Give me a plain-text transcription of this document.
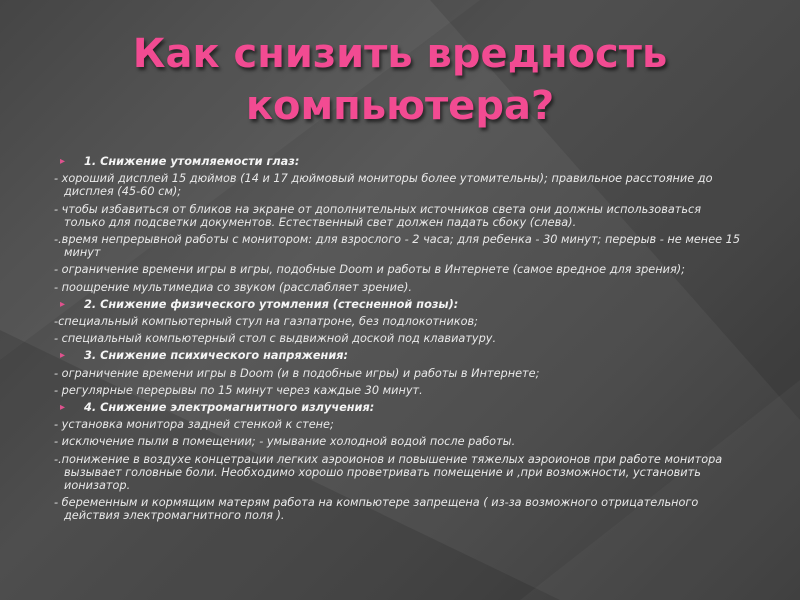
Как снизить вредность
компьютера?

▸ 1. Снижение утомляемости глаз:

- хороший дисплей 15 дюймов (14 и 17 дюймовый мониторы более утомительны); правильное расстояние до дисплея (45-60 см);

- чтобы избавиться от бликов на экране от дополнительных источников света они должны использоваться только для подсветки документов. Естественный свет должен падать сбоку (слева).

-.время непрерывной работы с монитором: для взрослого - 2 часа; для ребенка - 30 минут; перерыв - не менее 15 минут

- ограничение времени игры в игры, подобные Doom и работы в Интернете (самое вредное для зрения);

- поощрение мультимедиа со звуком (расслабляет зрение).

▸ 2. Снижение физического утомления (стесненной позы):

-специальный компьютерный стул на газпатроне, без подлокотников;

- специальный компьютерный стол с выдвижной доской под клавиатуру.

▸ 3. Снижение психического напряжения:

- ограничение времени игры в Doom (и в подобные игры) и работы в Интернете;

- регулярные перерывы по 15 минут через каждые 30 минут.

▸ 4. Снижение электромагнитного излучения:

- установка монитора задней стенкой к стене;

- исключение пыли в помещении; - умывание холодной водой после работы.

-.понижение в воздухе концетрации легких аэроионов и повышение тяжелых аэроионов при работе монитора вызывает головные боли. Необходимо хорошо проветривать помещение и ,при возможности, установить ионизатор.

- беременным и кормящим матерям работа на компьютере запрещена ( из-за возможного отрицательного действия электромагнитного поля ).
